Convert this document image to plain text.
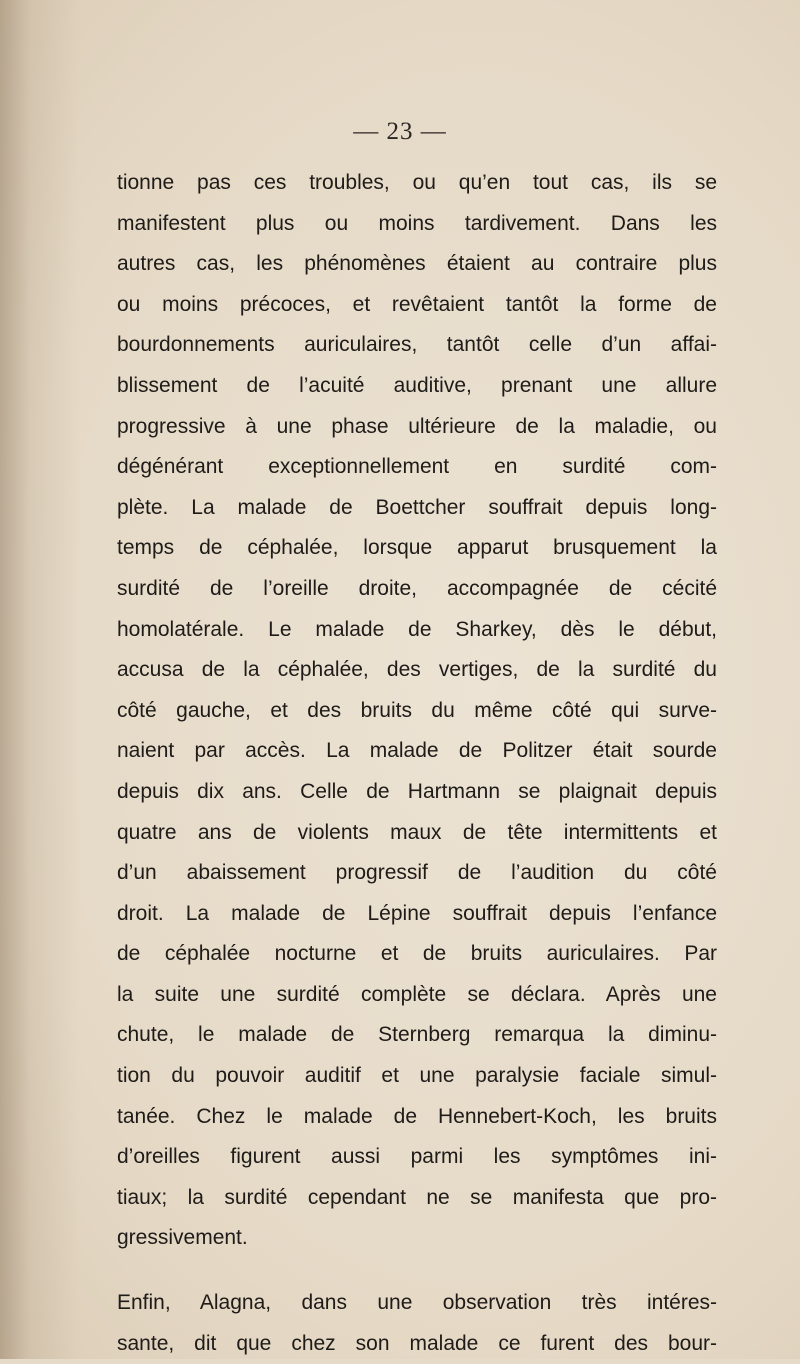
— 23 —
tionne pas ces troubles, ou qu’en tout cas, ils se
manifestent plus ou moins tardivement. Dans les
autres cas, les phénomènes étaient au contraire plus
ou moins précoces, et revêtaient tantôt la forme de
bourdonnements auriculaires, tantôt celle d’un affai-
blissement de l’acuité auditive, prenant une allure
progressive à une phase ultérieure de la maladie, ou
dégénérant exceptionnellement en surdité com-
plète. La malade de Boettcher souffrait depuis long-
temps de céphalée, lorsque apparut brusquement la
surdité de l’oreille droite, accompagnée de cécité
homolatérale. Le malade de Sharkey, dès le début,
accusa de la céphalée, des vertiges, de la surdité du
côté gauche, et des bruits du même côté qui surve-
naient par accès. La malade de Politzer était sourde
depuis dix ans. Celle de Hartmann se plaignait depuis
quatre ans de violents maux de tête intermittents et
d’un abaissement progressif de l’audition du côté
droit. La malade de Lépine souffrait depuis l’enfance
de céphalée nocturne et de bruits auriculaires. Par
la suite une surdité complète se déclara. Après une
chute, le malade de Sternberg remarqua la diminu-
tion du pouvoir auditif et une paralysie faciale simul-
tanée. Chez le malade de Hennebert-Koch, les bruits
d’oreilles figurent aussi parmi les symptômes ini-
tiaux; la surdité cependant ne se manifesta que pro-
gressivement.
Enfin, Alagna, dans une observation très intéres-
sante, dit que chez son malade ce furent des bour-
